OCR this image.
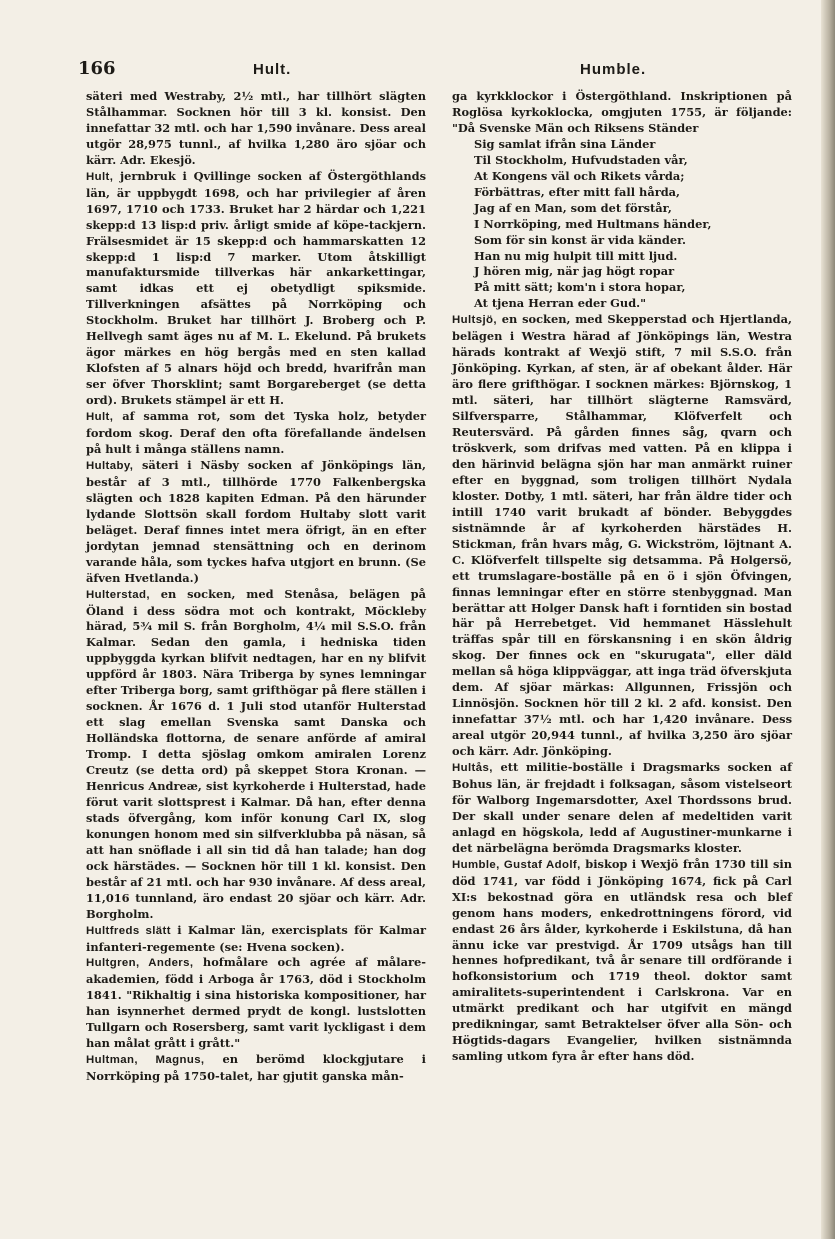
166	Hult.	Humble.

säteri med Westraby, 2½ mtl., har tillhört slägten Stålhammar. Socknen hör till 3 kl. konsist. Den innefattar 32 mtl. och har 1,590 invånare. Dess areal utgör 28,975 tunnl., af hvilka 1,280 äro sjöar och kärr. Adr. Ekesjö.

Hult, jernbruk i Qvillinge socken af Östergöthlands län, är uppbygdt 1698, och har privilegier af åren 1697, 1710 och 1733. Bruket har 2 härdar och 1,221 skepp:d 13 lisp:d priv. årligt smide af köpe-tackjern. Frälsesmidet är 15 skepp:d och hammarskatten 12 skepp:d 1 lisp:d 7 marker. Utom åtskilligt manufaktursmide tillverkas här ankarkettingar, samt idkas ett ej obetydligt spiksmide. Tillverkningen afsättes på Norrköping och Stockholm. Bruket har tillhört J. Broberg och P. Hellvegh samt äges nu af M. L. Ekelund. På brukets ägor märkes en hög bergås med en sten kallad Klofsten af 5 alnars höjd och bredd, hvarifrån man ser öfver Thorsklint; samt Borgareberget (se detta ord). Brukets stämpel är ett H.

Hult, af samma rot, som det Tyska holz, betyder fordom skog. Deraf den ofta förefallande ändelsen på hult i många ställens namn.

Hultaby, säteri i Näsby socken af Jönköpings län, består af 3 mtl., tillhörde 1770 Falkenbergska slägten och 1828 kapiten Edman. På den härunder lydande Slottsön skall fordom Hultaby slott varit beläget. Deraf finnes intet mera öfrigt, än en efter jordytan jemnad stensättning och en derinom varande håla, som tyckes hafva utgjort en brunn. (Se äfven Hvetlanda.)

Hulterstad, en socken, med Stenåsa, belägen på Öland i dess södra mot och kontrakt, Möckleby härad, 5¾ mil S. från Borgholm, 4¼ mil S.S.O. från Kalmar. Sedan den gamla, i hedniska tiden uppbyggda kyrkan blifvit nedtagen, har en ny blifvit uppförd år 1803. Nära Triberga by synes lemningar efter Triberga borg, samt grifthögar på flere ställen i socknen. År 1676 d. 1 Juli stod utanför Hulterstad ett slag emellan Svenska samt Danska och Holländska flottorna, de senare anförde af amiral Tromp. I detta sjöslag omkom amiralen Lorenz Creutz (se detta ord) på skeppet Stora Kronan. — Henricus Andreæ, sist kyrkoherde i Hulterstad, hade förut varit slottsprest i Kalmar. Då han, efter denna stads öfvergång, kom inför konung Carl IX, slog konungen honom med sin silfverklubba på näsan, så att han snöflade i all sin tid då han talade; han dog ock härstädes. — Socknen hör till 1 kl. konsist. Den består af 21 mtl. och har 930 invånare. Af dess areal, 11,016 tunnland, äro endast 20 sjöar och kärr. Adr. Borgholm.

Hultfreds slätt i Kalmar län, exercisplats för Kalmar infanteri-regemente (se: Hvena socken).

Hultgren, Anders, hofmålare och agrée af målare-akademien, född i Arboga år 1763, död i Stockholm 1841. "Rikhaltig i sina historiska kompositioner, har han isynnerhet dermed prydt de kongl. lustslotten Tullgarn och Rosersberg, samt varit lyckligast i dem han målat grått i grått."

Hultman, Magnus, en berömd klockgjutare i Norrköping på 1750-talet, har gjutit ganska mån-

ga kyrkklockor i Östergöthland. Inskriptionen på Roglösa kyrkoklocka, omgjuten 1755, är följande: "Då Svenske Män och Riksens Ständer

Sig samlat ifrån sina Länder
Til Stockholm, Hufvudstaden vår,
At Kongens väl och Rikets vårda;
Förbättras, efter mitt fall hårda,
Jag af en Man, som det förstår,
I Norrköping, med Hultmans händer,
Som för sin konst är vida känder.
Han nu mig hulpit till mitt ljud.
J hören mig, när jag högt ropar
På mitt sätt; kom'n i stora hopar,
At tjena Herran eder Gud."

Hultsjö, en socken, med Skepperstad och Hjertlanda, belägen i Westra härad af Jönköpings län, Westra härads kontrakt af Wexjö stift, 7 mil S.S.O. från Jönköping. Kyrkan, af sten, är af obekant ålder. Här äro flere grifthögar. I socknen märkes: Björnskog, 1 mtl. säteri, har tillhört slägterne Ramsvärd, Silfversparre, Stålhammar, Klöfverfelt och Reutersvärd. På gården finnes såg, qvarn och tröskverk, som drifvas med vatten. På en klippa i den härinvid belägna sjön har man anmärkt ruiner efter en byggnad, som troligen tillhört Nydala kloster. Dotby, 1 mtl. säteri, har från äldre tider och intill 1740 varit brukadt af bönder. Bebyggdes sistnämnde år af kyrkoherden härstädes H. Stickman, från hvars måg, G. Wickström, löjtnant A. C. Klöfverfelt tillspelte sig detsamma. På Holgersö, ett trumslagare-boställe på en ö i sjön Öfvingen, finnas lemningar efter en större stenbyggnad. Man berättar att Holger Dansk haft i forntiden sin bostad här på Herrebetget. Vid hemmanet Hässlehult träffas spår till en förskansning i en skön åldrig skog. Der finnes ock en "skurugata", eller däld mellan så höga klippväggar, att inga träd öfverskjuta dem. Af sjöar märkas: Allgunnen, Frissjön och Linnösjön. Socknen hör till 2 kl. 2 afd. konsist. Den innefattar 37½ mtl. och har 1,420 invånare. Dess areal utgör 20,944 tunnl., af hvilka 3,250 äro sjöar och kärr. Adr. Jönköping.

Hultås, ett militie-boställe i Dragsmarks socken af Bohus län, är frejdadt i folksagan, såsom vistelseort för Walborg Ingemarsdotter, Axel Thordssons brud. Der skall under senare delen af medeltiden varit anlagd en högskola, ledd af Augustiner-munkarne i det närbelägna berömda Dragsmarks kloster.

Humble, Gustaf Adolf, biskop i Wexjö från 1730 till sin död 1741, var född i Jönköping 1674, fick på Carl XI:s bekostnad göra en utländsk resa och blef genom hans moders, enkedrottningens förord, vid endast 26 års ålder, kyrkoherde i Eskilstuna, då han ännu icke var prestvigd. År 1709 utsågs han till hennes hofpredikant, två år senare till ordförande i hofkonsistorium och 1719 theol. doktor samt amiralitets-superintendent i Carlskrona. Var en utmärkt predikant och har utgifvit en mängd predikningar, samt Betraktelser öfver alla Sön- och Högtids-dagars Evangelier, hvilken sistnämnda samling utkom fyra år efter hans död.
